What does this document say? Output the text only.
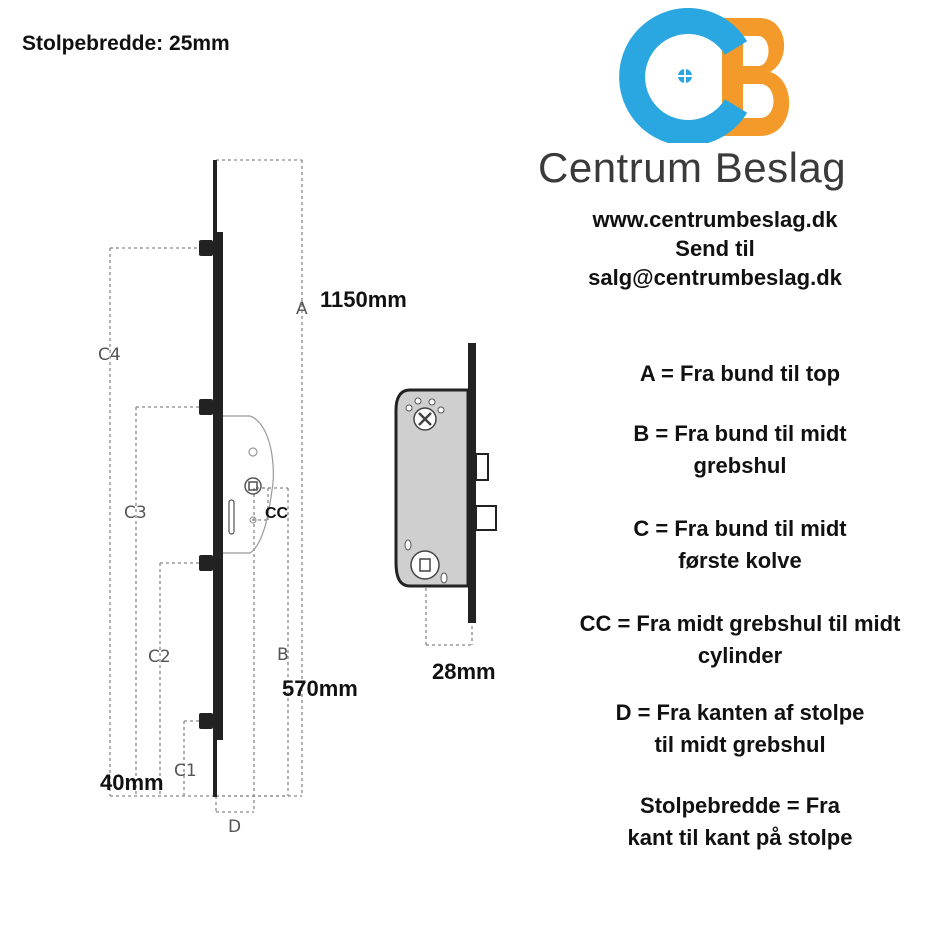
Stolpebredde: 25mm
Centrum Beslag
www.centrumbeslag.dk
Send til
salg@centrumbeslag.dk
A
C4
C3
C2
C1
B
D
1150mm
570mm
40mm
28mm
CC
A = Fra bund til top
B = Fra bund til midt
grebshul
C = Fra bund til midt
første kolve
CC = Fra midt grebshul til midt
cylinder
D = Fra kanten af stolpe
til midt grebshul
Stolpebredde = Fra
kant til kant på stolpe
